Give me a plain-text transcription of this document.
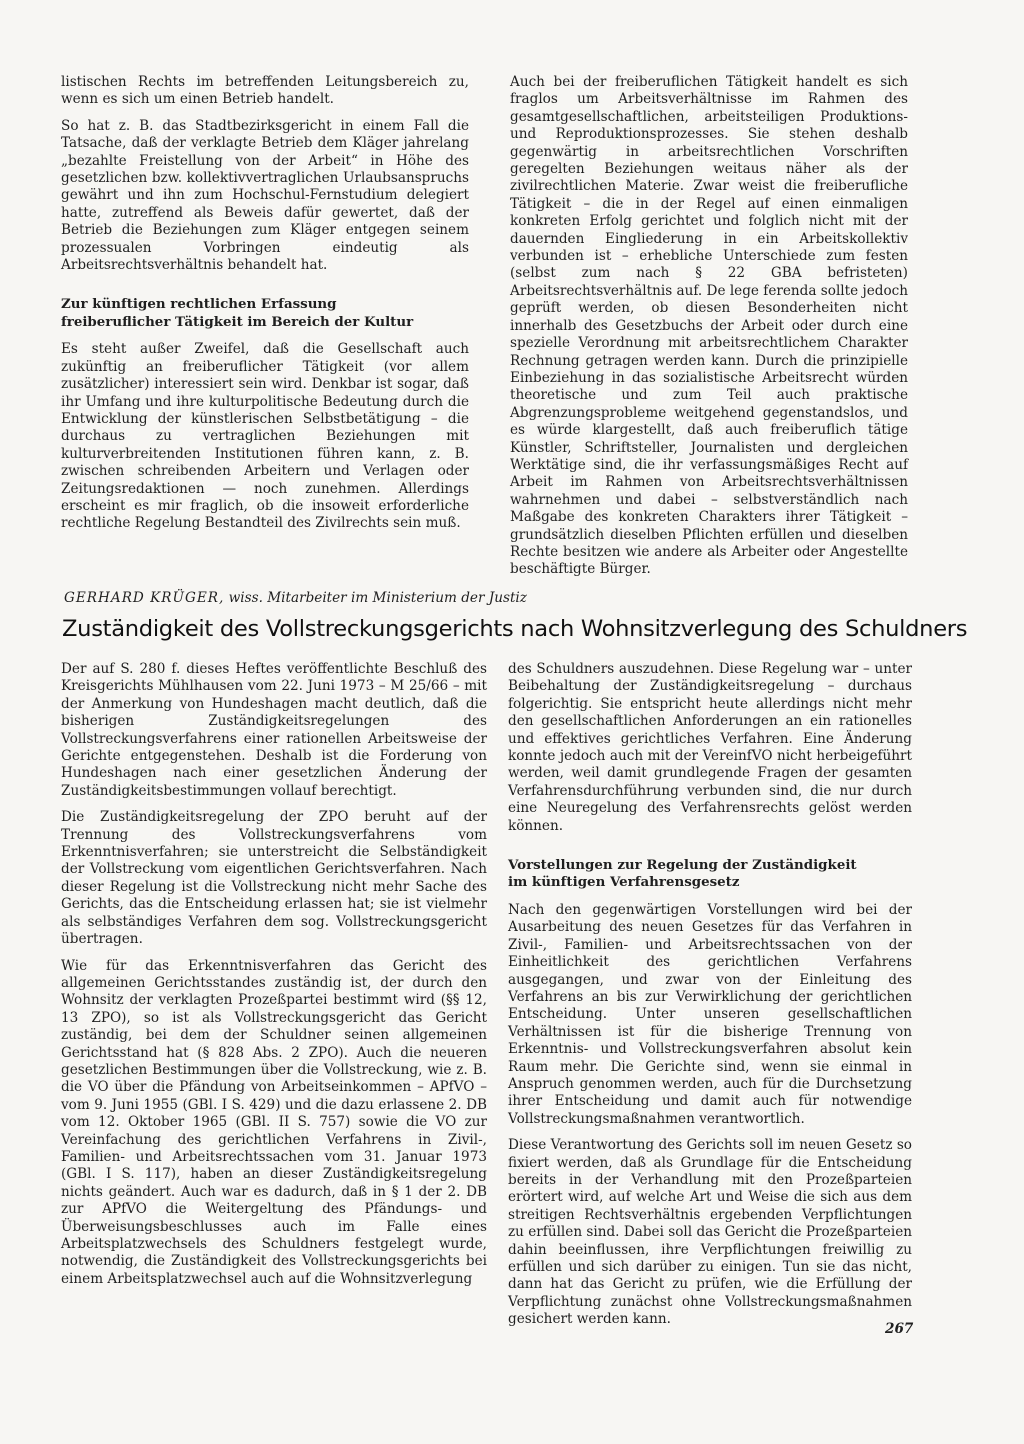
listischen Rechts im betreffenden Leitungsbereich zu, wenn es sich um einen Betrieb handelt.

So hat z. B. das Stadtbezirksgericht in einem Fall die Tatsache, daß der verklagte Betrieb dem Kläger jahrelang „bezahlte Freistellung von der Arbeit“ in Höhe des gesetzlichen bzw. kollektivvertraglichen Urlaubsanspruchs gewährt und ihn zum Hochschul-Fernstudium delegiert hatte, zutreffend als Beweis dafür gewertet, daß der Betrieb die Beziehungen zum Kläger entgegen seinem prozessualen Vorbringen eindeutig als Arbeitsrechtsverhältnis behandelt hat.

Zur künftigen rechtlichen Erfassung
freiberuflicher Tätigkeit im Bereich der Kultur

Es steht außer Zweifel, daß die Gesellschaft auch zukünftig an freiberuflicher Tätigkeit (vor allem zusätzlicher) interessiert sein wird. Denkbar ist sogar, daß ihr Umfang und ihre kulturpolitische Bedeutung durch die Entwicklung der künstlerischen Selbstbetätigung – die durchaus zu vertraglichen Beziehungen mit kulturverbreitenden Institutionen führen kann, z. B. zwischen schreibenden Arbeitern und Verlagen oder Zeitungsredaktionen — noch zunehmen. Allerdings erscheint es mir fraglich, ob die insoweit erforderliche rechtliche Regelung Bestandteil des Zivilrechts sein muß.

Auch bei der freiberuflichen Tätigkeit handelt es sich fraglos um Arbeitsverhältnisse im Rahmen des gesamtgesellschaftlichen, arbeitsteiligen Produktions- und Reproduktionsprozesses. Sie stehen deshalb gegenwärtig in arbeitsrechtlichen Vorschriften geregelten Beziehungen weitaus näher als der zivilrechtlichen Materie. Zwar weist die freiberufliche Tätigkeit – die in der Regel auf einen einmaligen konkreten Erfolg gerichtet und folglich nicht mit der dauernden Eingliederung in ein Arbeitskollektiv verbunden ist – erhebliche Unterschiede zum festen (selbst zum nach § 22 GBA befristeten) Arbeitsrechtsverhältnis auf. De lege ferenda sollte jedoch geprüft werden, ob diesen Besonderheiten nicht innerhalb des Gesetzbuchs der Arbeit oder durch eine spezielle Verordnung mit arbeitsrechtlichem Charakter Rechnung getragen werden kann. Durch die prinzipielle Einbeziehung in das sozialistische Arbeitsrecht würden theoretische und zum Teil auch praktische Abgrenzungsprobleme weitgehend gegenstandslos, und es würde klargestellt, daß auch freiberuflich tätige Künstler, Schriftsteller, Journalisten und dergleichen Werktätige sind, die ihr verfassungsmäßiges Recht auf Arbeit im Rahmen von Arbeitsrechtsverhältnissen wahrnehmen und dabei – selbstverständlich nach Maßgabe des konkreten Charakters ihrer Tätigkeit – grundsätzlich dieselben Pflichten erfüllen und dieselben Rechte besitzen wie andere als Arbeiter oder Angestellte beschäftigte Bürger.

GERHARD KRÜGER, wiss. Mitarbeiter im Ministerium der Justiz
Zuständigkeit des Vollstreckungsgerichts nach Wohnsitzverlegung des Schuldners

Der auf S. 280 f. dieses Heftes veröffentlichte Beschluß des Kreisgerichts Mühlhausen vom 22. Juni 1973 – M 25/66 – mit der Anmerkung von Hundeshagen macht deutlich, daß die bisherigen Zuständigkeitsregelungen des Vollstreckungsverfahrens einer rationellen Arbeitsweise der Gerichte entgegenstehen. Deshalb ist die Forderung von Hundeshagen nach einer gesetzlichen Änderung der Zuständigkeitsbestimmungen vollauf berechtigt.

Die Zuständigkeitsregelung der ZPO beruht auf der Trennung des Vollstreckungsverfahrens vom Erkenntnisverfahren; sie unterstreicht die Selbständigkeit der Vollstreckung vom eigentlichen Gerichtsverfahren. Nach dieser Regelung ist die Vollstreckung nicht mehr Sache des Gerichts, das die Entscheidung erlassen hat; sie ist vielmehr als selbständiges Verfahren dem sog. Vollstreckungsgericht übertragen.

Wie für das Erkenntnisverfahren das Gericht des allgemeinen Gerichtsstandes zuständig ist, der durch den Wohnsitz der verklagten Prozeßpartei bestimmt wird (§§ 12, 13 ZPO), so ist als Vollstreckungsgericht das Gericht zuständig, bei dem der Schuldner seinen allgemeinen Gerichtsstand hat (§ 828 Abs. 2 ZPO). Auch die neueren gesetzlichen Bestimmungen über die Vollstreckung, wie z. B. die VO über die Pfändung von Arbeitseinkommen – APfVO – vom 9. Juni 1955 (GBl. I S. 429) und die dazu erlassene 2. DB vom 12. Oktober 1965 (GBl. II S. 757) sowie die VO zur Vereinfachung des gerichtlichen Verfahrens in Zivil-, Familien- und Arbeitsrechtssachen vom 31. Januar 1973 (GBl. I S. 117), haben an dieser Zuständigkeitsregelung nichts geändert. Auch war es dadurch, daß in § 1 der 2. DB zur APfVO die Weitergeltung des Pfändungs- und Überweisungsbeschlusses auch im Falle eines Arbeitsplatzwechsels des Schuldners festgelegt wurde, notwendig, die Zuständigkeit des Vollstreckungsgerichts bei einem Arbeitsplatzwechsel auch auf die Wohnsitzverlegung

des Schuldners auszudehnen. Diese Regelung war – unter Beibehaltung der Zuständigkeitsregelung – durchaus folgerichtig. Sie entspricht heute allerdings nicht mehr den gesellschaftlichen Anforderungen an ein rationelles und effektives gerichtliches Verfahren. Eine Änderung konnte jedoch auch mit der VereinfVO nicht herbeigeführt werden, weil damit grundlegende Fragen der gesamten Verfahrensdurchführung verbunden sind, die nur durch eine Neuregelung des Verfahrensrechts gelöst werden können.

Vorstellungen zur Regelung der Zuständigkeit
im künftigen Verfahrensgesetz

Nach den gegenwärtigen Vorstellungen wird bei der Ausarbeitung des neuen Gesetzes für das Verfahren in Zivil-, Familien- und Arbeitsrechtssachen von der Einheitlichkeit des gerichtlichen Verfahrens ausgegangen, und zwar von der Einleitung des Verfahrens an bis zur Verwirklichung der gerichtlichen Entscheidung. Unter unseren gesellschaftlichen Verhältnissen ist für die bisherige Trennung von Erkenntnis- und Vollstreckungsverfahren absolut kein Raum mehr. Die Gerichte sind, wenn sie einmal in Anspruch genommen werden, auch für die Durchsetzung ihrer Entscheidung und damit auch für notwendige Vollstreckungsmaßnahmen verantwortlich.

Diese Verantwortung des Gerichts soll im neuen Gesetz so fixiert werden, daß als Grundlage für die Entscheidung bereits in der Verhandlung mit den Prozeßparteien erörtert wird, auf welche Art und Weise die sich aus dem streitigen Rechtsverhältnis ergebenden Verpflichtungen zu erfüllen sind. Dabei soll das Gericht die Prozeßparteien dahin beeinflussen, ihre Verpflichtungen freiwillig zu erfüllen und sich darüber zu einigen. Tun sie das nicht, dann hat das Gericht zu prüfen, wie die Erfüllung der Verpflichtung zunächst ohne Vollstreckungsmaßnahmen gesichert werden kann.

267
